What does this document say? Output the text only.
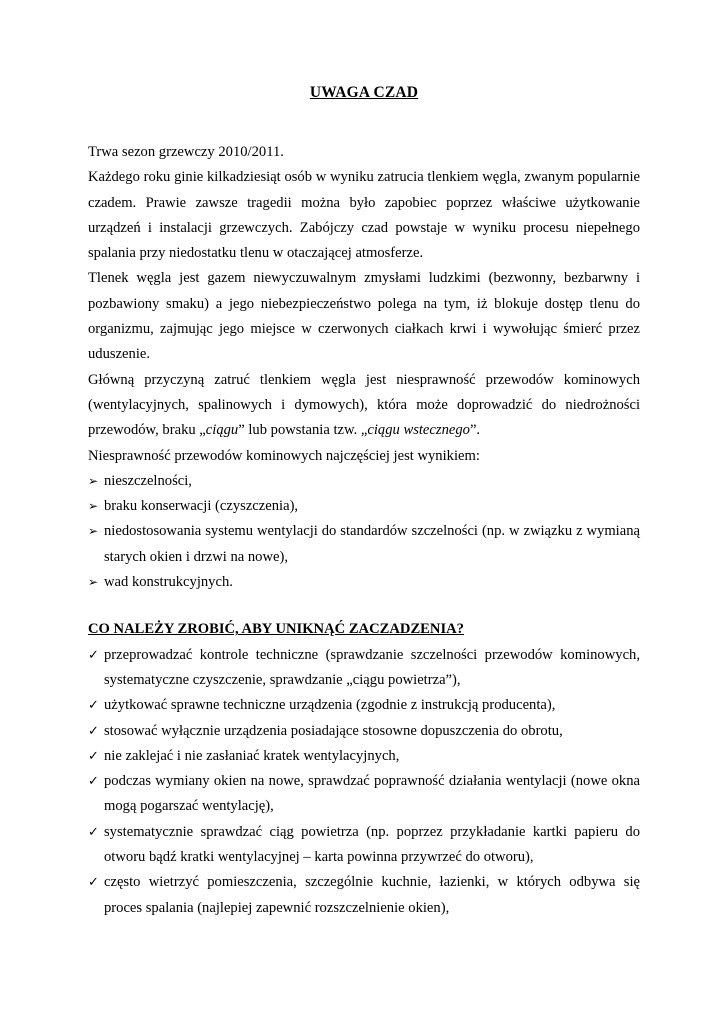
UWAGA CZAD

Trwa sezon grzewczy 2010/2011.

Każdego roku ginie kilkadziesiąt osób w wyniku zatrucia tlenkiem węgla, zwanym popularnie czadem. Prawie zawsze tragedii można było zapobiec poprzez właściwe użytkowanie urządzeń i instalacji grzewczych. Zabójczy czad powstaje w wyniku procesu niepełnego spalania przy niedostatku tlenu w otaczającej atmosferze.

Tlenek węgla jest gazem niewyczuwalnym zmysłami ludzkimi (bezwonny, bezbarwny i pozbawiony smaku) a jego niebezpieczeństwo polega na tym, iż blokuje dostęp tlenu do organizmu, zajmując jego miejsce w czerwonych ciałkach krwi i wywołując śmierć przez uduszenie.

Główną przyczyną zatruć tlenkiem węgla jest niesprawność przewodów kominowych (wentylacyjnych, spalinowych i dymowych), która może doprowadzić do niedrożności przewodów, braku „ciągu” lub powstania tzw. „ciągu wstecznego”.

Niesprawność przewodów kominowych najczęściej jest wynikiem:

➢ nieszczelności,
➢ braku konserwacji (czyszczenia),
➢ niedostosowania systemu wentylacji do standardów szczelności (np. w związku z wymianą starych okien i drzwi na nowe),
➢ wad konstrukcyjnych.
CO NALEŻY ZROBIĆ, ABY UNIKNĄĆ ZACZADZENIA?
✓ przeprowadzać kontrole techniczne (sprawdzanie szczelności przewodów kominowych, systematyczne czyszczenie, sprawdzanie „ciągu powietrza”),
✓ użytkować sprawne techniczne urządzenia (zgodnie z instrukcją producenta),
✓ stosować wyłącznie urządzenia posiadające stosowne dopuszczenia do obrotu,
✓ nie zaklejać i nie zasłaniać kratek wentylacyjnych,
✓ podczas wymiany okien na nowe, sprawdzać poprawność działania wentylacji (nowe okna mogą pogarszać wentylację),
✓ systematycznie sprawdzać ciąg powietrza (np. poprzez przykładanie kartki papieru do otworu bądź kratki wentylacyjnej – karta powinna przywrzeć do otworu),
✓ często wietrzyć pomieszczenia, szczególnie kuchnie, łazienki, w których odbywa się proces spalania (najlepiej zapewnić rozszczelnienie okien),
